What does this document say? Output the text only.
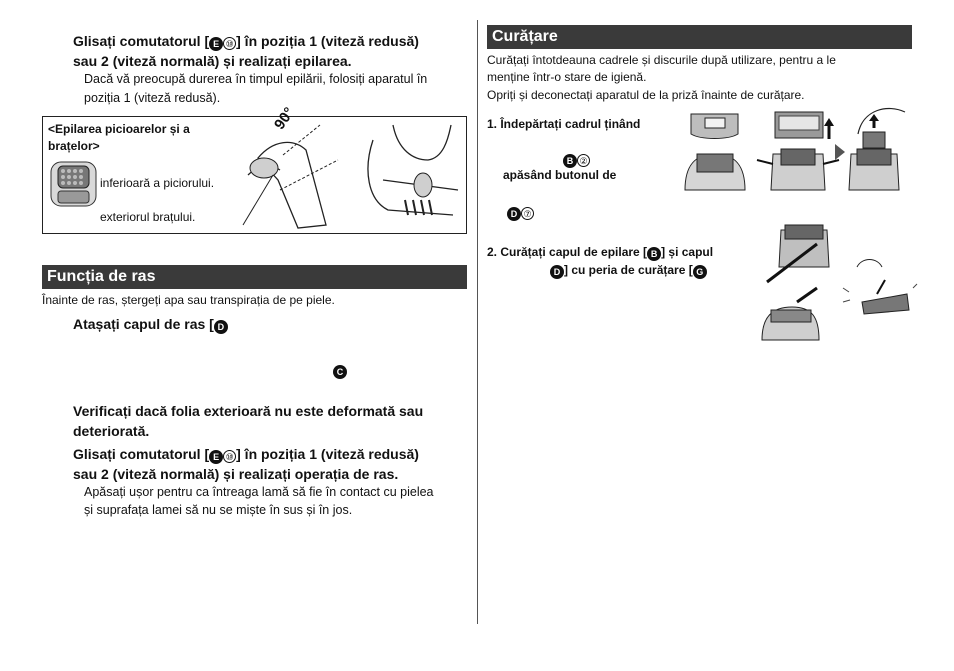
Glisați comutatorul [ E ⑩ ] în poziția 1 (viteză redusă)
sau 2 (viteză normală) și realizați epilarea.
Dacă vă preocupă durerea în timpul epilării, folosiți aparatul în
poziția 1 (viteză redusă).
<Epilarea picioarelor și a
brațelor>
inferioară a piciorului.
exteriorul brațului.
90°
Funcția de ras
Înainte de ras, ștergeți apa sau transpirația de pe piele.
Atașați capul de ras [ D
C
Verificați dacă folia exterioară nu este deformată sau
deteriorată.
Glisați comutatorul [ E ⑩ ] în poziția 1 (viteză redusă)
sau 2 (viteză normală) și realizați operația de ras.
Apăsați ușor pentru ca întreaga lamă să fie în contact cu pielea
și suprafața lamei să nu se miște în sus și în jos.
Curățare
Curățați întotdeauna cadrele și discurile după utilizare, pentru a le
menține într-o stare de igienă.
Opriți și deconectați aparatul de la priză înainte de curățare.
1. Îndepărtați cadrul ținând
B ②
apăsând butonul de
D ⑦
2. Curățați capul de epilare [ B ] și capul
D ] cu peria de curățare [ G
